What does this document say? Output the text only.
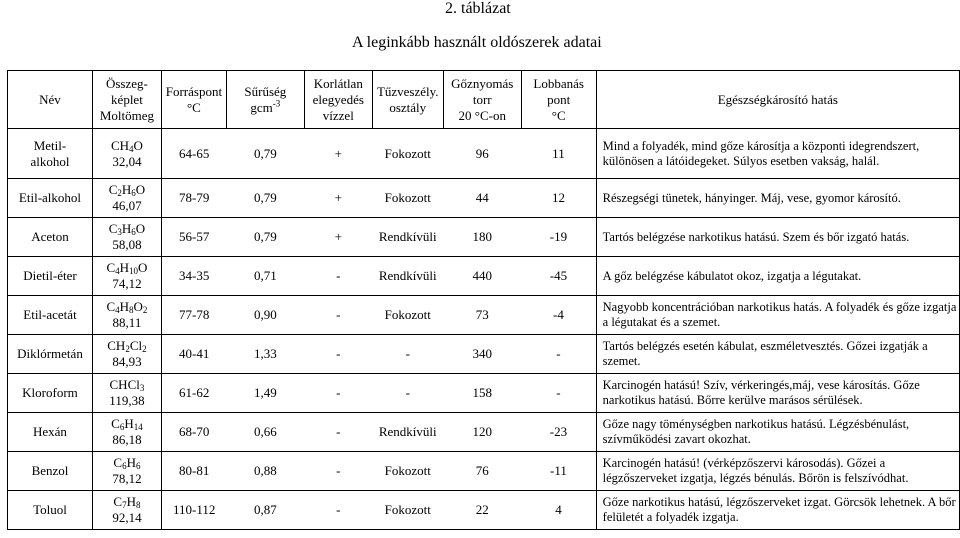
2. táblázat
A leginkább használt oldószerek adatai
Név	Összeg-
képlet
Moltömeg	Forráspont
°C	Sűrűség
gcm$^{-3}$	Korlátlan
elegyedés
vízzel	Tűzveszély.
osztály	Gőznyomás
torr
20 °C-on	Lobbanás
pont
°C	Egészségkárosító hatás

Metil-
alkohol	$CH_4O$
32,04	64-65	0,79	+	Fokozott	96	11	Mind a folyadék, mind gőze károsítja a központi idegrendszert, különösen a látóidegeket. Súlyos esetben vakság, halál.

Etil-alkohol	$C_2H_6O$
46,07	78-79	0,79	+	Fokozott	44	12	Részegségi tünetek, hányinger. Máj, vese, gyomor károsító.

Aceton	$C_3H_6O$
58,08	56-57	0,79	+	Rendkívüli	180	-19	Tartós belégzése narkotikus hatású. Szem és bőr izgató hatás.

Dietil-éter	$C_4H_{10}O$
74,12	34-35	0,71	-	Rendkívüli	440	-45	A gőz belégzése kábulatot okoz, izgatja a légutakat.

Etil-acetát	$C_4H_8O_2$
88,11	77-78	0,90	-	Fokozott	73	-4	Nagyobb koncentrációban narkotikus hatás. A folyadék és gőze izgatja a légutakat és a szemet.

Diklórmetán	$CH_2Cl_2$
84,93	40-41	1,33	-	-	340	-	Tartós belégzés esetén kábulat, eszméletvesztés. Gőzei izgatják a szemet.

Kloroform	CHCl$_3$
119,38	61-62	1,49	-	-	158	-	Karcinogén hatású! Szív, vérkeringés,máj, vese károsítás. Gőze narkotikus hatású. Bőrre kerülve marásos sérülések.

Hexán	$C_6H_{14}$
86,18	68-70	0,66	-	Rendkívüli	120	-23	Gőze nagy töménységben narkotikus hatású. Légzésbénulást, szívműködési zavart okozhat.

Benzol	$C_6H_6$
78,12	80-81	0,88	-	Fokozott	76	-11	Karcinogén hatású! (vérképzőszervi károsodás). Gőzei a légzőszerveket izgatja, légzés bénulás. Bőrön is felszívódhat.

Toluol	$C_7H_8$
92,14	110-112	0,87	-	Fokozott	22	4	Gőze narkotikus hatású, légzőszerveket izgat. Görcsök lehetnek. A bőr felületét a folyadék izgatja.
